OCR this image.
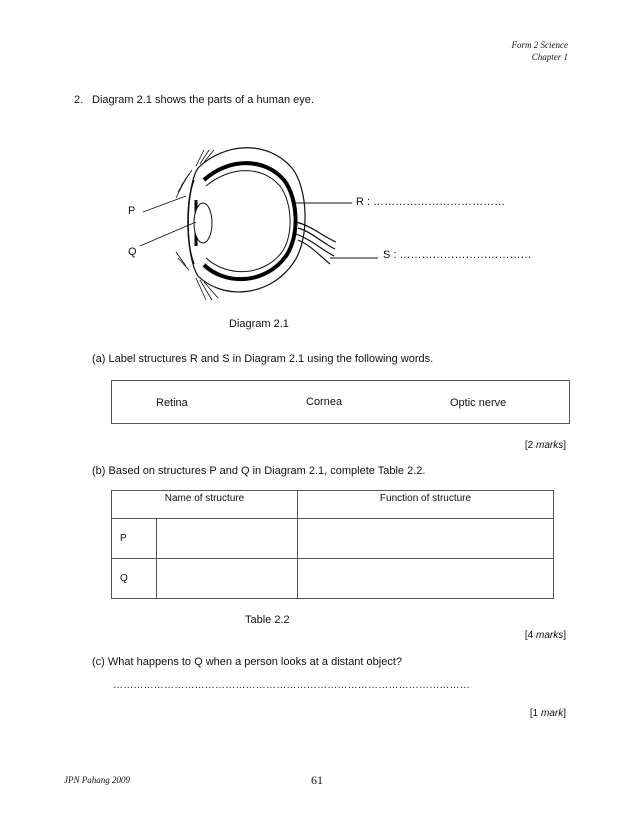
Form 2 Science
Chapter 1
2. Diagram 2.1 shows the parts of a human eye.
P
Q
R : ………………………………
S : ………………………………
Diagram 2.1
(a) Label structures R and S in Diagram 2.1 using the following words.
Retina	Cornea	Optic nerve
[2 marks]
(b) Based on structures P and Q in Diagram 2.1, complete Table 2.2.
Name of structure		Function of structure
P		
Q		
Table 2.2
[4 marks]
(c) What happens to Q when a person looks at a distant object?
……………………………………………………………………………………………
[1 mark]
JPN Pahang 2009	61
